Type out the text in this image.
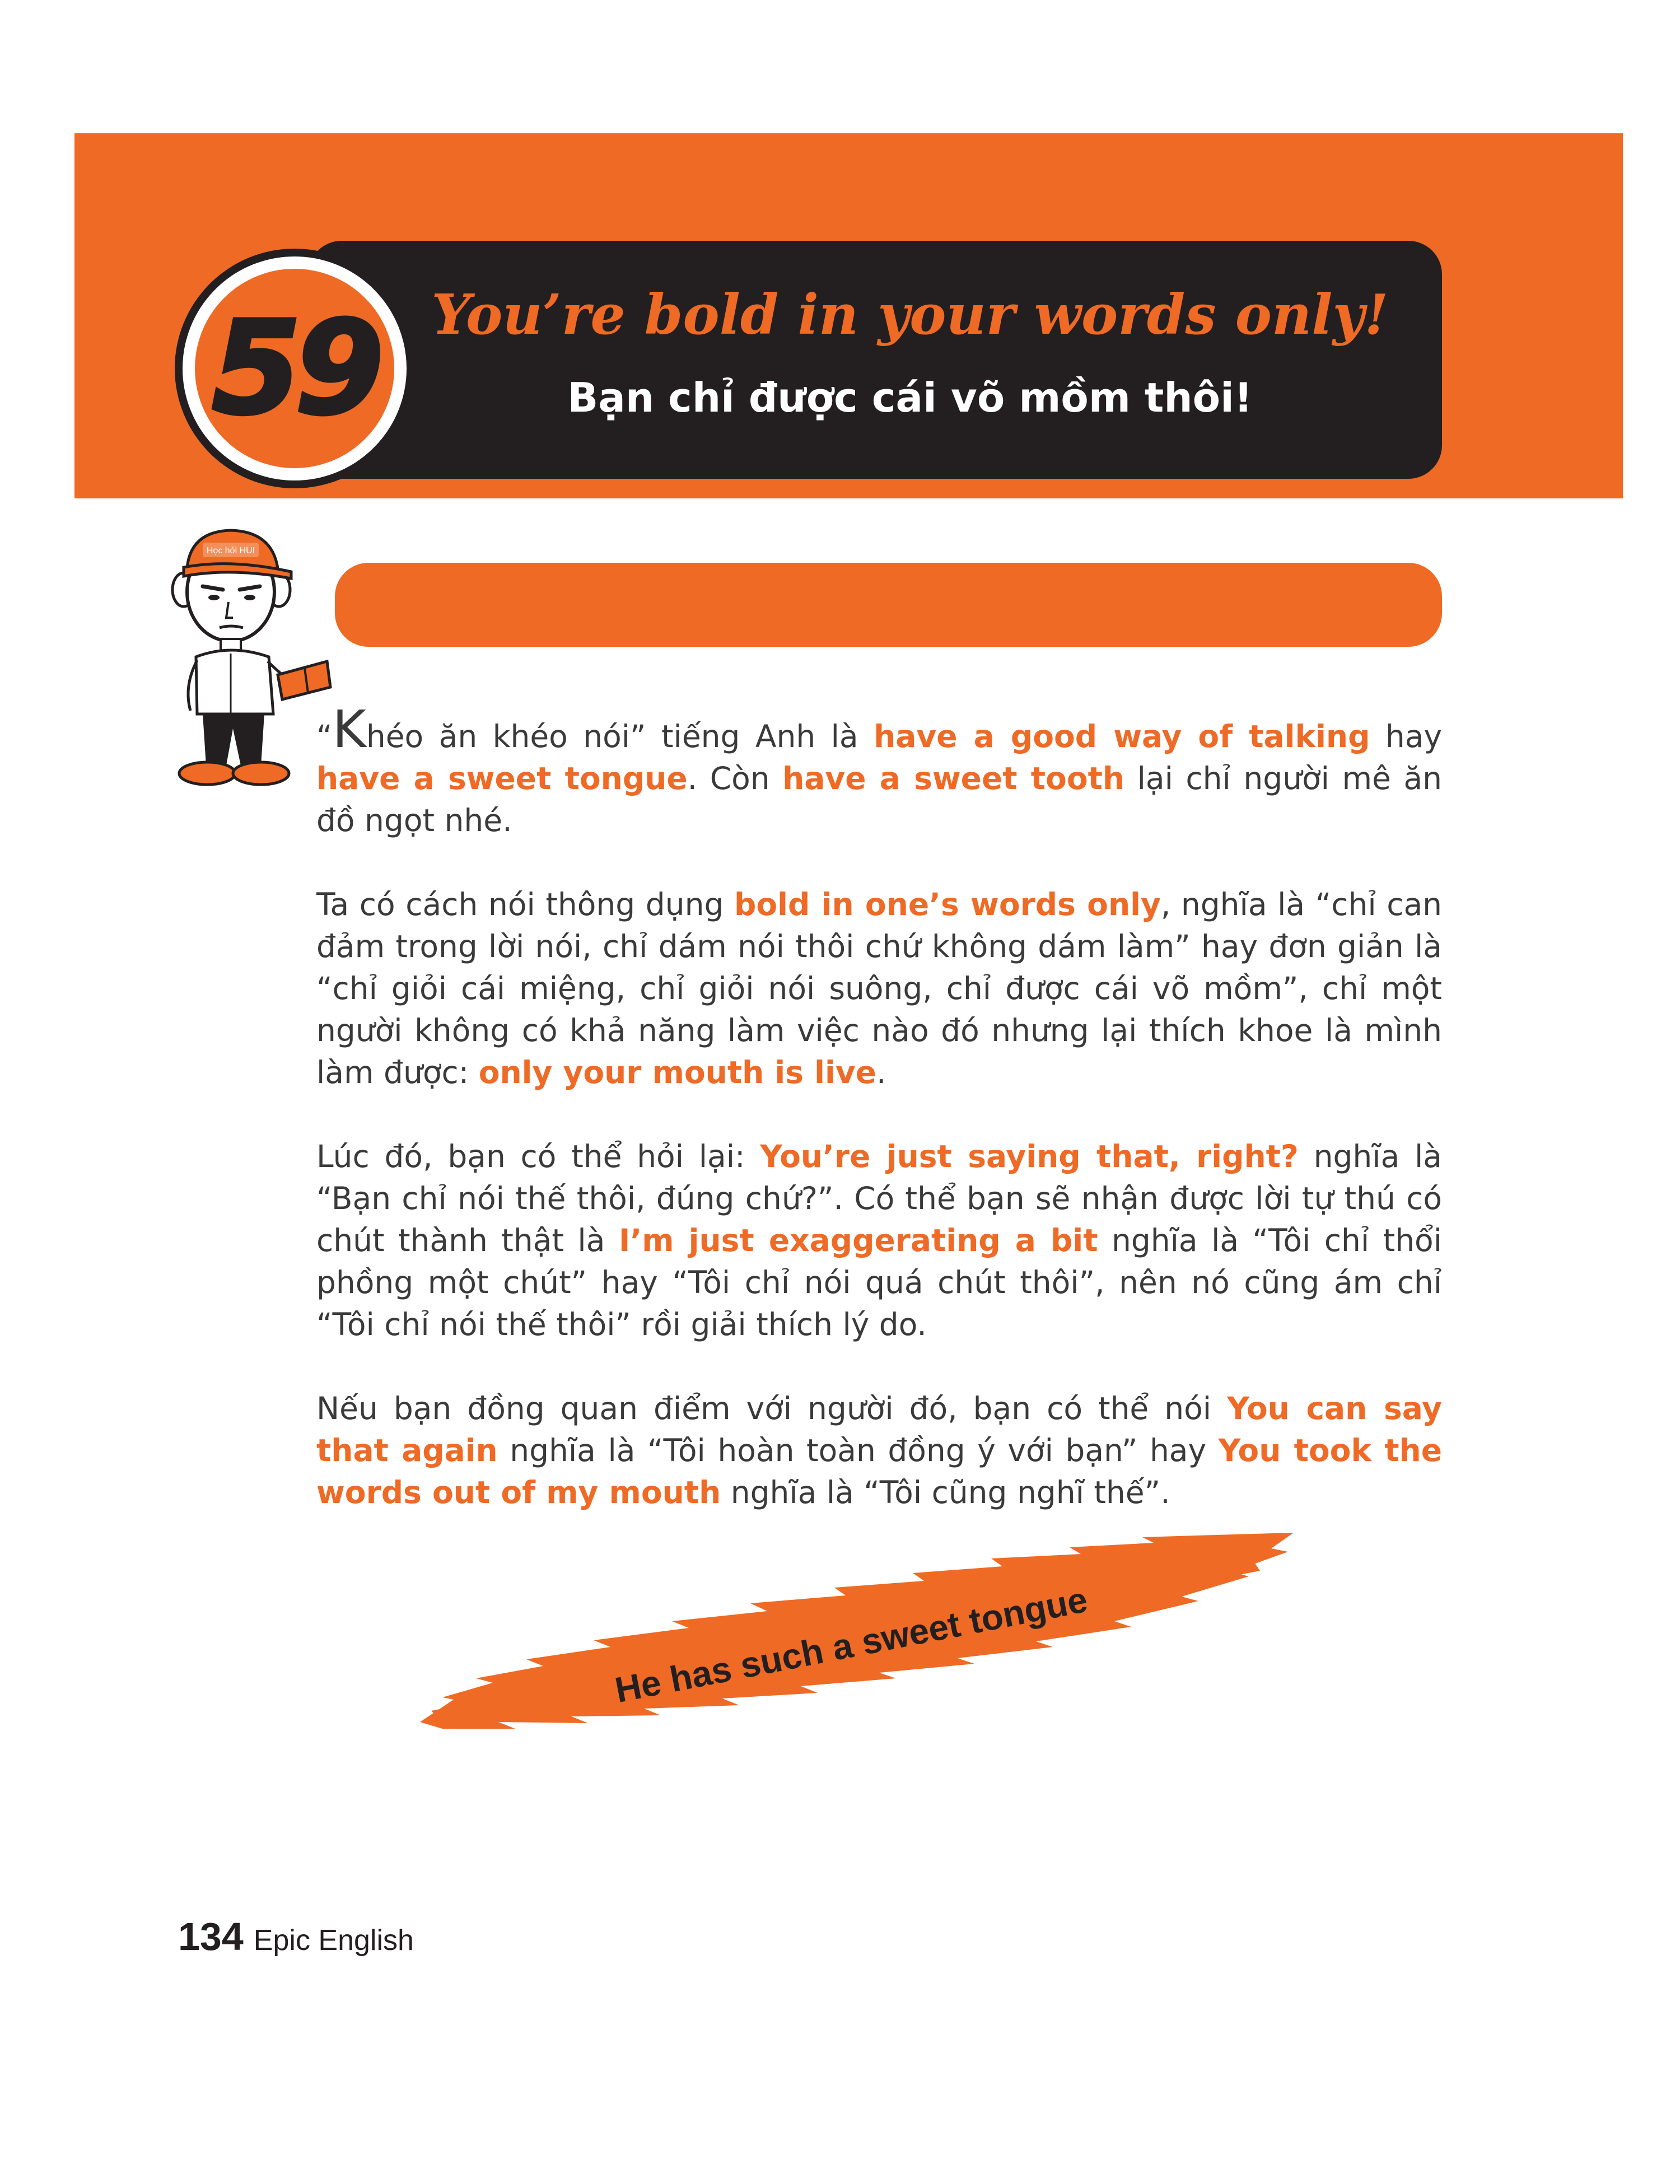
59 You’re bold in your words only!
Bạn chỉ được cái võ mồm thôi!
Học hỏi HUI

“Khéo ăn khéo nói” tiếng Anh là have a good way of talking hay have a sweet tongue. Còn have a sweet tooth lại chỉ người mê ăn đồ ngọt nhé.

Ta có cách nói thông dụng bold in one’s words only, nghĩa là “chỉ can đảm trong lời nói, chỉ dám nói thôi chứ không dám làm” hay đơn giản là “chỉ giỏi cái miệng, chỉ giỏi nói suông, chỉ được cái võ mồm”, chỉ một người không có khả năng làm việc nào đó nhưng lại thích khoe là mình làm được: only your mouth is live.

Lúc đó, bạn có thể hỏi lại: You’re just saying that, right? nghĩa là “Bạn chỉ nói thế thôi, đúng chứ?”. Có thể bạn sẽ nhận được lời tự thú có chút thành thật là I’m just exaggerating a bit nghĩa là “Tôi chỉ thổi phồng một chút” hay “Tôi chỉ nói quá chút thôi”, nên nó cũng ám chỉ “Tôi chỉ nói thế thôi” rồi giải thích lý do.

Nếu bạn đồng quan điểm với người đó, bạn có thể nói You can say that again nghĩa là “Tôi hoàn toàn đồng ý với bạn” hay You took the words out of my mouth nghĩa là “Tôi cũng nghĩ thế”.

He has such a sweet tongue
134 Epic English
